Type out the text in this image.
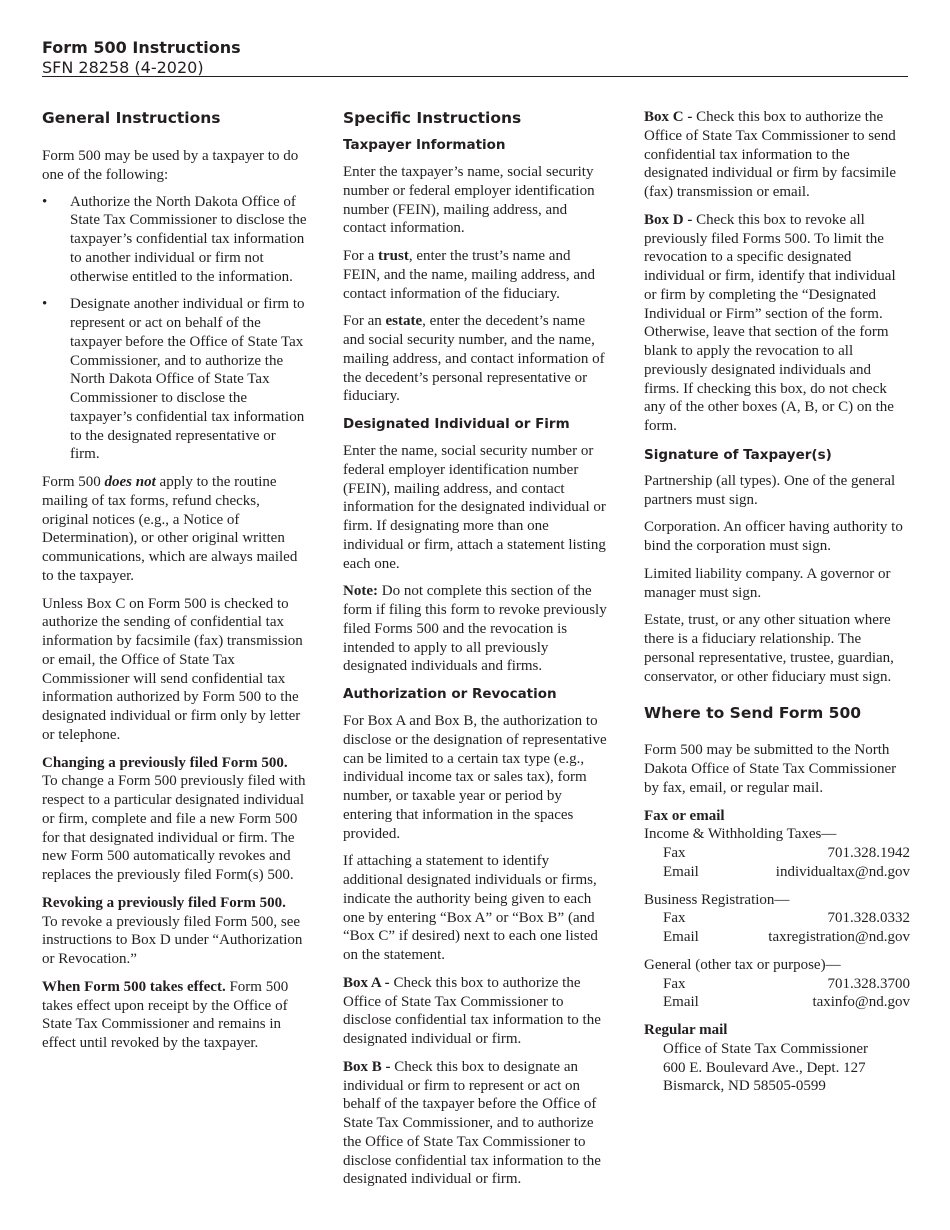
Form 500 Instructions
SFN 28258 (4-2020)
General Instructions

Form 500 may be used by a taxpayer to do one of the following:

• Authorize the North Dakota Office of State Tax Commissioner to disclose the taxpayer’s confidential tax information to another individual or firm not otherwise entitled to the information.
• Designate another individual or firm to represent or act on behalf of the taxpayer before the Office of State Tax Commissioner, and to authorize the North Dakota Office of State Tax Commissioner to disclose the taxpayer’s confidential tax information to the designated representative or firm.

Form 500 does not apply to the routine mailing of tax forms, refund checks, original notices (e.g., a Notice of Determination), or other original written communications, which are always mailed to the taxpayer.

Unless Box C on Form 500 is checked to authorize the sending of confidential tax information by facsimile (fax) transmission or email, the Office of State Tax Commissioner will send confidential tax information authorized by Form 500 to the designated individual or firm only by letter or telephone.

Changing a previously filed Form 500.
To change a Form 500 previously filed with respect to a particular designated individual or firm, complete and file a new Form 500 for that designated individual or firm. The new Form 500 automatically revokes and replaces the previously filed Form(s) 500.

Revoking a previously filed Form 500.
To revoke a previously filed Form 500, see instructions to Box D under “Authorization or Revocation.”

When Form 500 takes effect. Form 500 takes effect upon receipt by the Office of State Tax Commissioner and remains in effect until revoked by the taxpayer.

Specific Instructions
Taxpayer Information

Enter the taxpayer’s name, social security number or federal employer identification number (FEIN), mailing address, and contact information.

For a trust, enter the trust’s name and FEIN, and the name, mailing address, and contact information of the fiduciary.

For an estate, enter the decedent’s name and social security number, and the name, mailing address, and contact information of the decedent’s personal representative or fiduciary.

Designated Individual or Firm

Enter the name, social security number or federal employer identification number (FEIN), mailing address, and contact information for the designated individual or firm. If designating more than one individual or firm, attach a statement listing each one.

Note: Do not complete this section of the form if filing this form to revoke previously filed Forms 500 and the revocation is intended to apply to all previously designated individuals and firms.

Authorization or Revocation

For Box A and Box B, the authorization to disclose or the designation of representative can be limited to a certain tax type (e.g., individual income tax or sales tax), form number, or taxable year or period by entering that information in the spaces provided.

If attaching a statement to identify additional designated individuals or firms, indicate the authority being given to each one by entering “Box A” or “Box B” (and “Box C” if desired) next to each one listed on the statement.

Box A - Check this box to authorize the Office of State Tax Commissioner to disclose confidential tax information to the designated individual or firm.

Box B - Check this box to designate an individual or firm to represent or act on behalf of the taxpayer before the Office of State Tax Commissioner, and to authorize the Office of State Tax Commissioner to disclose confidential tax information to the designated individual or firm.

Box C - Check this box to authorize the Office of State Tax Commissioner to send confidential tax information to the designated individual or firm by facsimile (fax) transmission or email.

Box D - Check this box to revoke all previously filed Forms 500. To limit the revocation to a specific designated individual or firm, identify that individual or firm by completing the “Designated Individual or Firm” section of the form. Otherwise, leave that section of the form blank to apply the revocation to all previously designated individuals and firms. If checking this box, do not check any of the other boxes (A, B, or C) on the form.

Signature of Taxpayer(s)

Partnership (all types). One of the general partners must sign.

Corporation. An officer having authority to bind the corporation must sign.

Limited liability company. A governor or manager must sign.

Estate, trust, or any other situation where there is a fiduciary relationship. The personal representative, trustee, guardian, conservator, or other fiduciary must sign.

Where to Send Form 500

Form 500 may be submitted to the North Dakota Office of State Tax Commissioner by fax, email, or regular mail.

Fax or email

Income & Withholding Taxes—

Fax	701.328.1942
Email	individualtax@nd.gov

Business Registration—

Fax	701.328.0332
Email	taxregistration@nd.gov

General (other tax or purpose)—

Fax	701.328.3700
Email	taxinfo@nd.gov

Regular mail

Office of State Tax Commissioner

600 E. Boulevard Ave., Dept. 127

Bismarck, ND 58505-0599
